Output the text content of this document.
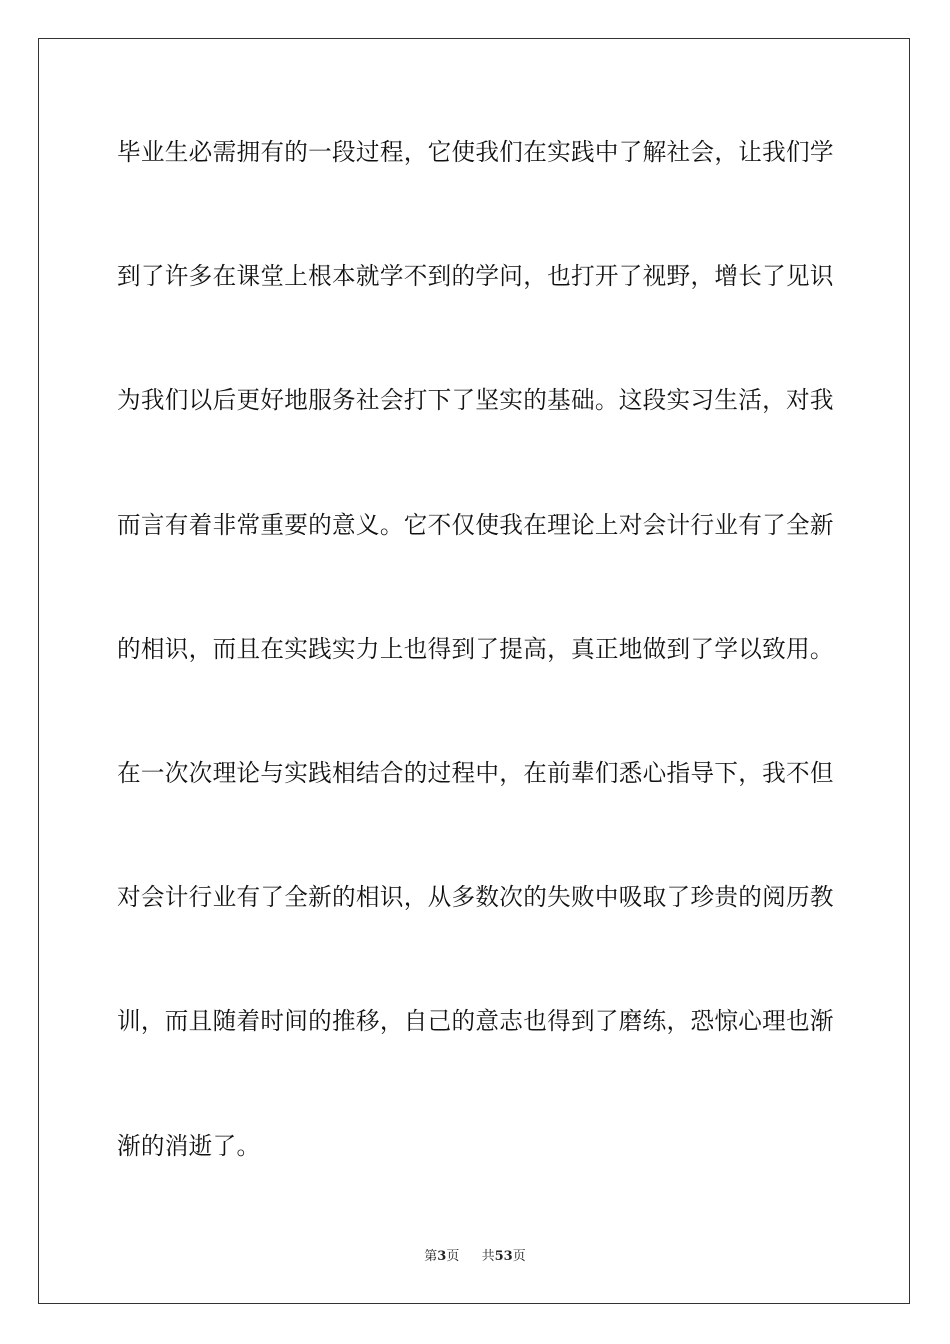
毕业生必需拥有的一段过程，它使我们在实践中了解社会，让我们学
到了许多在课堂上根本就学不到的学问，也打开了视野，增长了见识
为我们以后更好地服务社会打下了坚实的基础。这段实习生活，对我
而言有着非常重要的意义。它不仅使我在理论上对会计行业有了全新
的相识，而且在实践实力上也得到了提高，真正地做到了学以致用。
在一次次理论与实践相结合的过程中，在前辈们悉心指导下，我不但
对会计行业有了全新的相识，从多数次的失败中吸取了珍贵的阅历教
训，而且随着时间的推移，自己的意志也得到了磨练，恐惊心理也渐
渐的消逝了。
第3页 共53页
